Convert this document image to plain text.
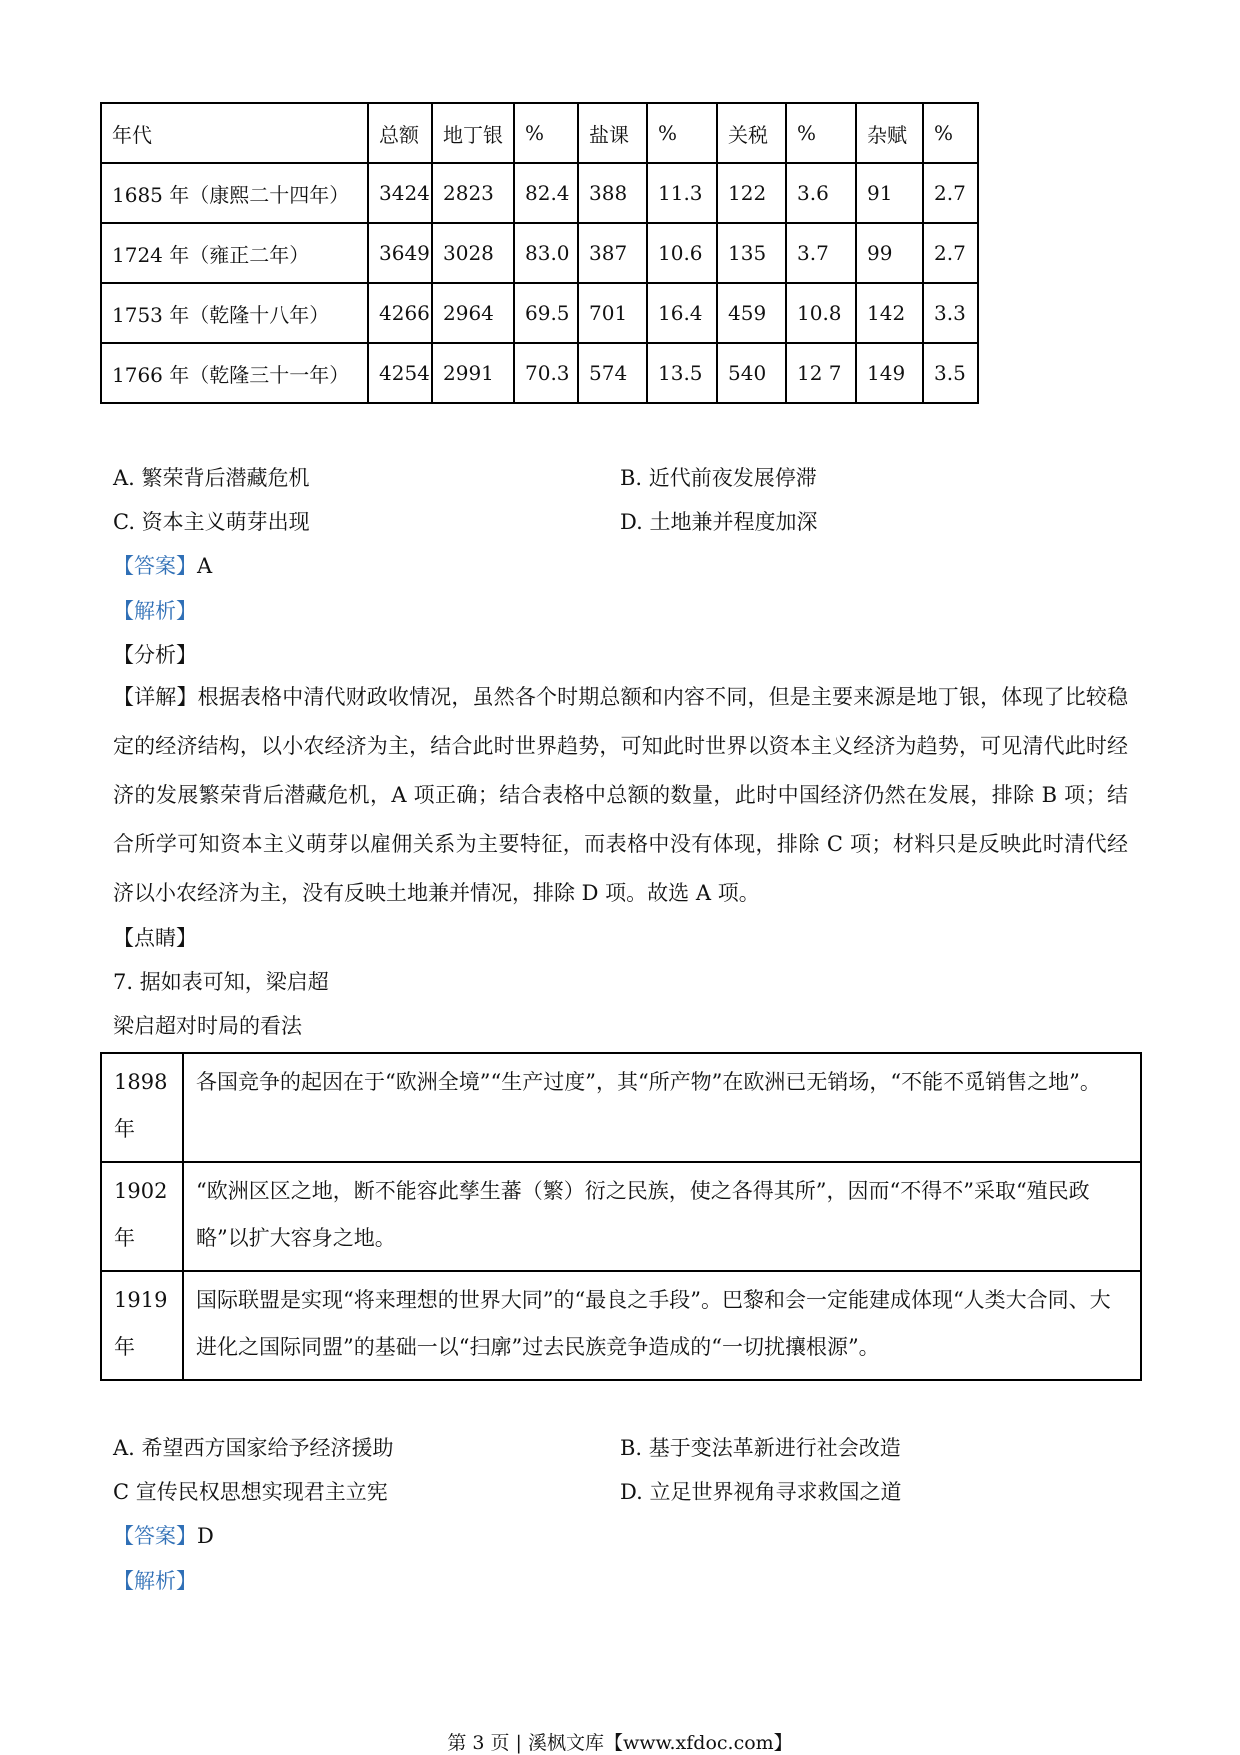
年代	总额	地丁银	%	盐课	%	关税	%	杂赋	%
1685 年（康熙二十四年）	3424	2823	82.4	388	11.3	122	3.6	91	2.7
1724 年（雍正二年）	3649	3028	83.0	387	10.6	135	3.7	99	2.7
1753 年（乾隆十八年）	4266	2964	69.5	701	16.4	459	10.8	142	3.3
1766 年（乾隆三十一年）	4254	2991	70.3	574	13.5	540	12 7	149	3.5
A. 繁荣背后潜藏危机	B. 近代前夜发展停滞
C. 资本主义萌芽出现	D. 土地兼并程度加深
【答案】A
【解析】
【分析】
【详解】根据表格中清代财政收情况，虽然各个时期总额和内容不同，但是主要来源是地丁银，体现了比较稳定的经济结构，以小农经济为主，结合此时世界趋势，可知此时世界以资本主义经济为趋势，可见清代此时经济的发展繁荣背后潜藏危机，A 项正确；结合表格中总额的数量，此时中国经济仍然在发展，排除 B 项；结合所学可知资本主义萌芽以雇佣关系为主要特征，而表格中没有体现，排除 C 项；材料只是反映此时清代经济以小农经济为主，没有反映土地兼并情况，排除 D 项。故选 A 项。
【点睛】
7. 据如表可知，梁启超
梁启超对时局的看法
1898 年	各国竞争的起因在于“欧洲全境”“生产过度”，其“所产物”在欧洲已无销场，“不能不觅销售之地”。
1902 年	“欧洲区区之地，断不能容此孳生蕃（繁）衍之民族，使之各得其所”，因而“不得不”采取“殖民政略”以扩大容身之地。
1919 年	国际联盟是实现“将来理想的世界大同”的“最良之手段”。巴黎和会一定能建成体现“人类大合同、大进化之国际同盟”的基础一以“扫廓”过去民族竞争造成的“一切扰攘根源”。
A. 希望西方国家给予经济援助	B. 基于变法革新进行社会改造
C 宣传民权思想实现君主立宪	D. 立足世界视角寻求救国之道
【答案】D
【解析】
第 3 页 | 溪枫文库【www.xfdoc.com】
